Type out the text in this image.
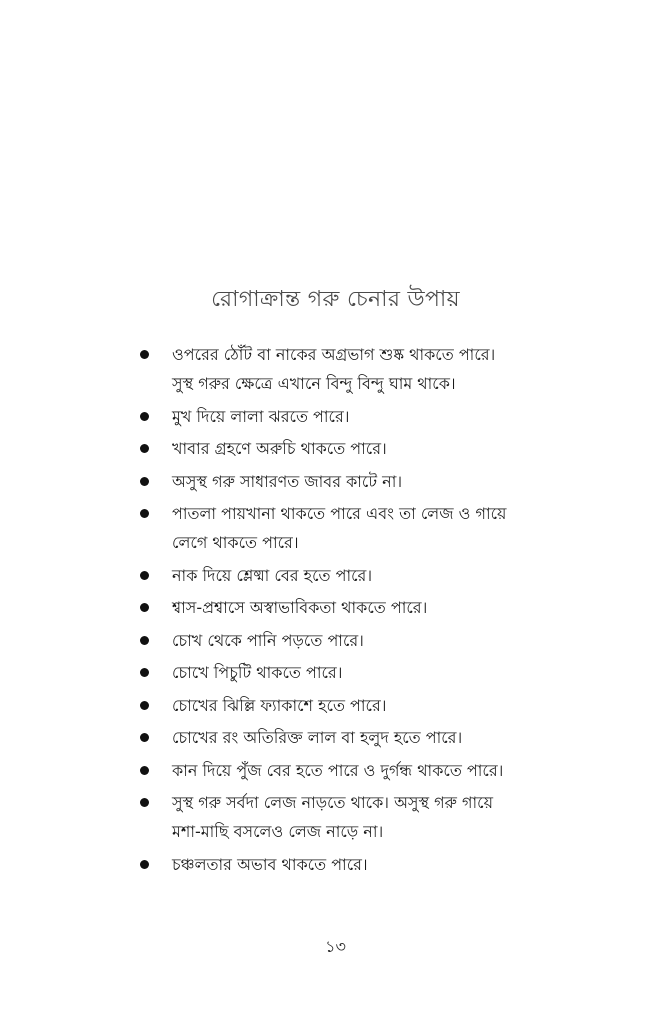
রোগাক্রান্ত গরু চেনার উপায়
ওপরের ঠোঁট বা নাকের অগ্রভাগ শুষ্ক থাকতে পারে।
সুস্থ গরুর ক্ষেত্রে এখানে বিন্দু বিন্দু ঘাম থাকে।
মুখ দিয়ে লালা ঝরতে পারে।
খাবার গ্রহণে অরুচি থাকতে পারে।
অসুস্থ গরু সাধারণত জাবর কাটে না।
পাতলা পায়খানা থাকতে পারে এবং তা লেজ ও গায়ে
লেগে থাকতে পারে।
নাক দিয়ে শ্লেষ্মা বের হতে পারে।
শ্বাস-প্রশ্বাসে অস্বাভাবিকতা থাকতে পারে।
চোখ থেকে পানি পড়তে পারে।
চোখে পিচুটি থাকতে পারে।
চোখের ঝিল্লি ফ্যাকাশে হতে পারে।
চোখের রং অতিরিক্ত লাল বা হলুদ হতে পারে।
কান দিয়ে পুঁজ বের হতে পারে ও দুর্গন্ধ থাকতে পারে।
সুস্থ গরু সর্বদা লেজ নাড়তে থাকে। অসুস্থ গরু গায়ে
মশা-মাছি বসলেও লেজ নাড়ে না।
চঞ্চলতার অভাব থাকতে পারে।
১৩
